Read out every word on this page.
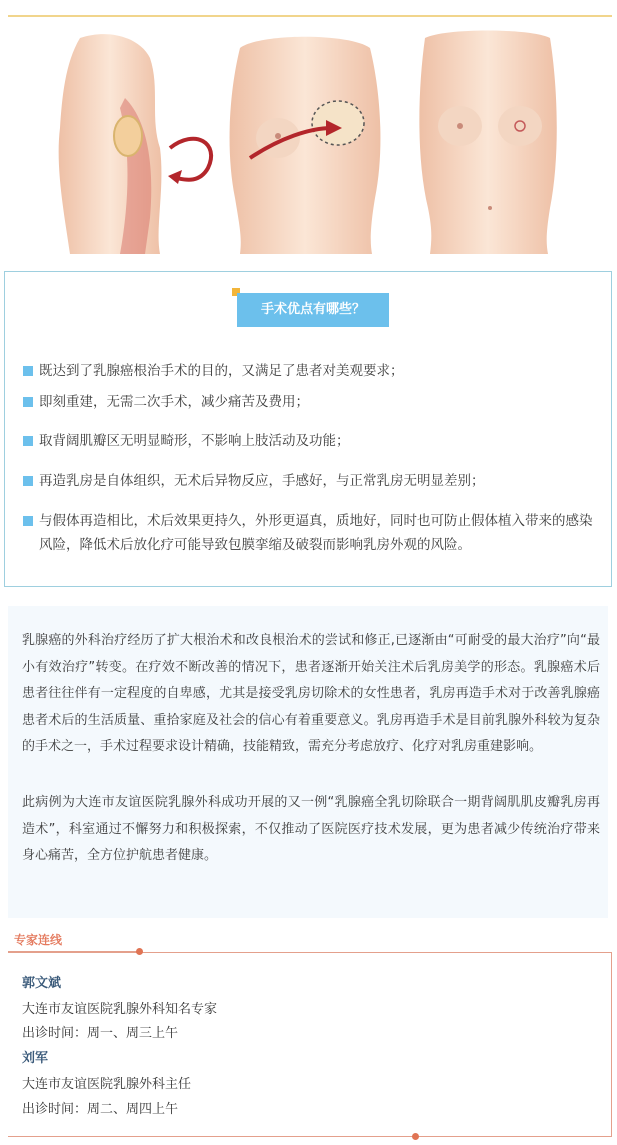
手术优点有哪些？
既达到了乳腺癌根治手术的目的，又满足了患者对美观要求；
即刻重建，无需二次手术，减少痛苦及费用；
取背阔肌瓣区无明显畸形，不影响上肢活动及功能；
再造乳房是自体组织，无术后异物反应，手感好，与正常乳房无明显差别；
与假体再造相比，术后效果更持久，外形更逼真，质地好，同时也可防止假体植入带来的感染风险，降低术后放化疗可能导致包膜挛缩及破裂而影响乳房外观的风险。
乳腺癌的外科治疗经历了扩大根治术和改良根治术的尝试和修正,已逐渐由“可耐受的最大治疗”向“最小有效治疗”转变。在疗效不断改善的情况下，患者逐渐开始关注术后乳房美学的形态。乳腺癌术后患者往往伴有一定程度的自卑感，尤其是接受乳房切除术的女性患者，乳房再造手术对于改善乳腺癌患者术后的生活质量、重拾家庭及社会的信心有着重要意义。乳房再造手术是目前乳腺外科较为复杂的手术之一，手术过程要求设计精确，技能精致，需充分考虑放疗、化疗对乳房重建影响。
此病例为大连市友谊医院乳腺外科成功开展的又一例“乳腺癌全乳切除联合一期背阔肌肌皮瓣乳房再造术”，科室通过不懈努力和积极探索，不仅推动了医院医疗技术发展，更为患者减少传统治疗带来身心痛苦，全方位护航患者健康。
专家连线
郭文斌
大连市友谊医院乳腺外科知名专家
出诊时间：周一、周三上午
刘军
大连市友谊医院乳腺外科主任
出诊时间：周二、周四上午
